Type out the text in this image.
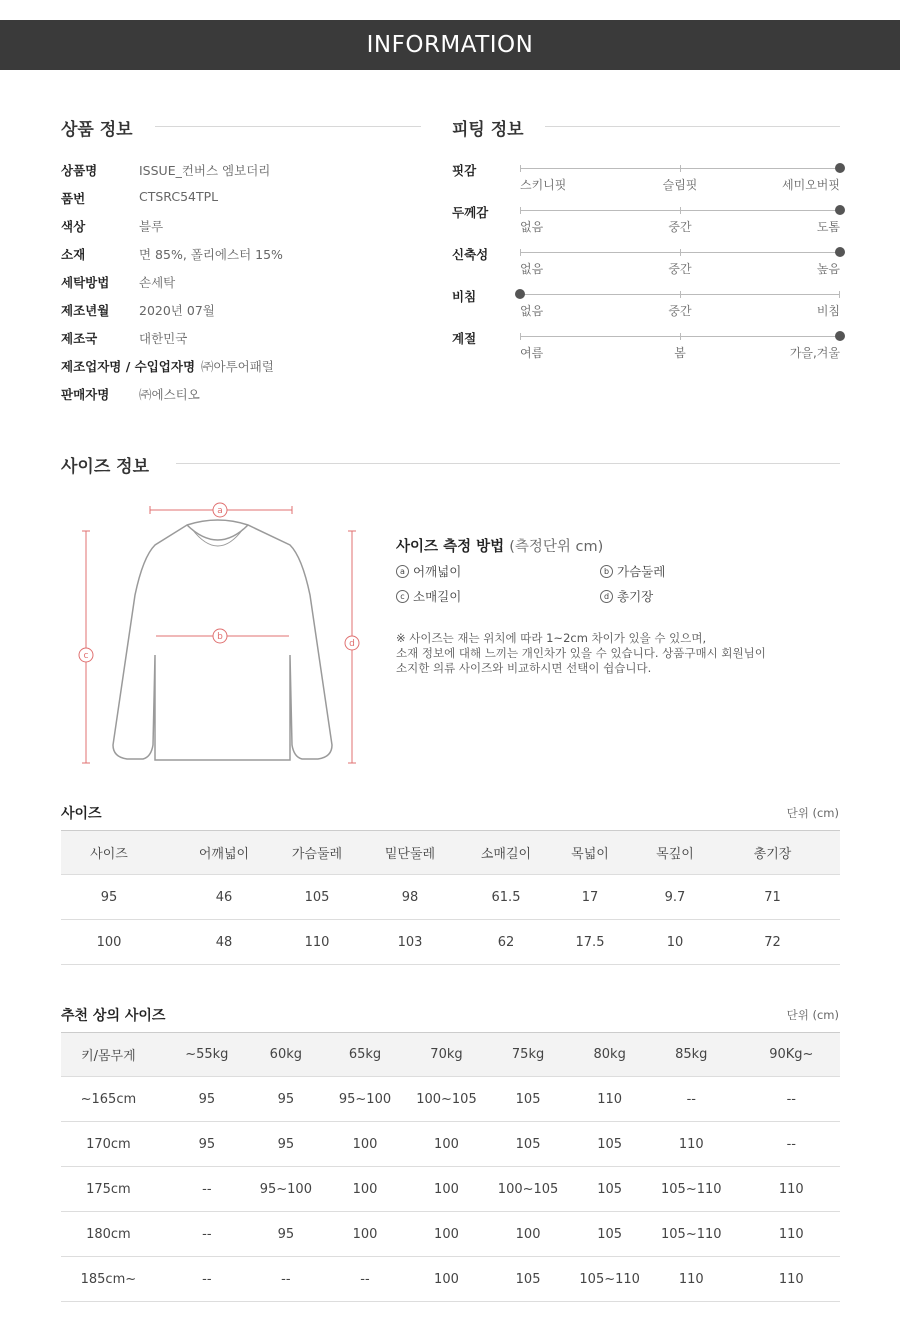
INFORMATION
상품 정보
상품명	ISSUE_컨버스 엠보더리
품번	CTSRC54TPL
색상	블루
소재	면 85%, 폴리에스터 15%
세탁방법 손세탁
제조년월 2020년 07월
제조국	대한민국
제조업자명 / 수입업자명 ㈜아투어패럴
판매자명 ㈜에스티오
피팅 정보
핏감
스키니핏	슬림핏	세미오버핏
두께감
없음	중간	도톰
신축성
없음	중간	높음
비침
없음	중간	비침
계절
여름	봄	가을,겨울
사이즈 정보
a
b
c
d
사이즈 측정 방법 (측정단위 cm)
a 어깨넓이	b 가슴둘레
c 소매길이	d 총기장
※ 사이즈는 재는 위치에 따라 1~2cm 차이가 있을 수 있으며,
소재 정보에 대해 느끼는 개인차가 있을 수 있습니다. 상품구매시 회원님이
소지한 의류 사이즈와 비교하시면 선택이 쉽습니다.
사이즈	단위 (cm)
사이즈	어깨넓이	가슴둘레	밑단둘레	소매길이	목넓이	목깊이	총기장
95	46	105	98	61.5	17	9.7	71
100	48	110	103	62	17.5	10	72
추천 상의 사이즈	단위 (cm)
키/몸무게	~55kg	60kg	65kg	70kg	75kg	80kg	85kg	90Kg~
~165cm	95	95	95~100	100~105	105	110	--	--
170cm	95	95	100	100	105	105	110	--
175cm	--	95~100	100	100	100~105	105	105~110	110
180cm	--	95	100	100	100	105	105~110	110
185cm~	--	--	--	100	105	105~110	110	110
